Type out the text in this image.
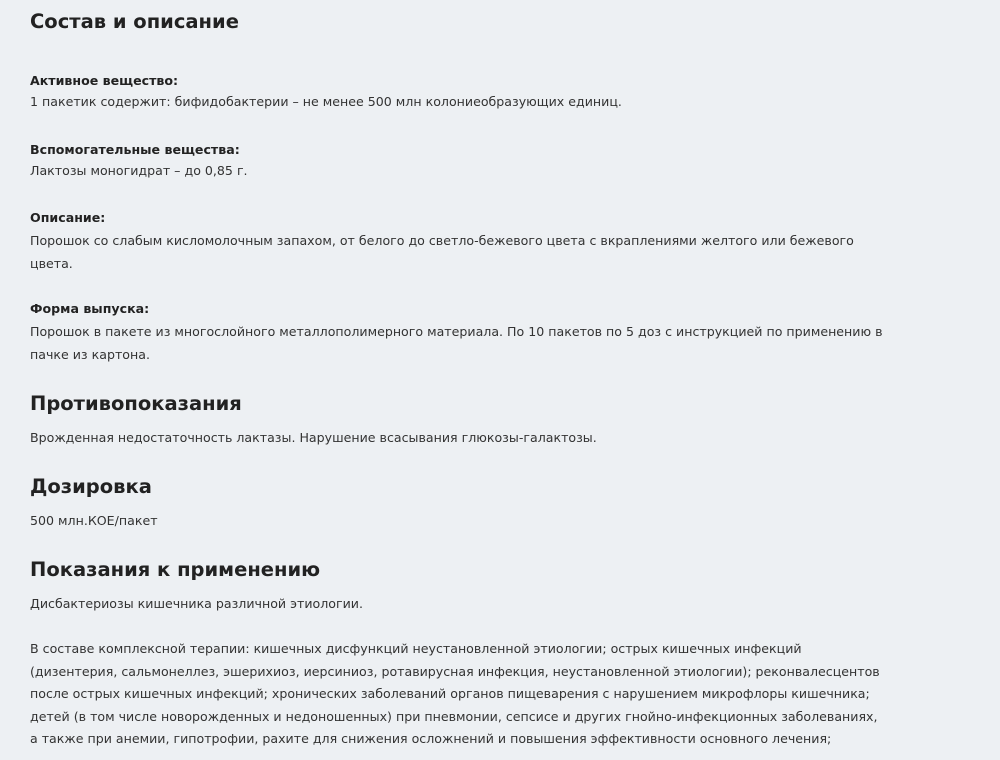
Состав и описание
Активное вещество:
1 пакетик содержит: бифидобактерии – не менее 500 млн колониеобразующих единиц.
Вспомогательные вещества:
Лактозы моногидрат – до 0,85 г.
Описание:
Порошок со слабым кисломолочным запахом, от белого до светло-бежевого цвета с вкраплениями желтого или бежевого
цвета.
Форма выпуска:
Порошок в пакете из многослойного металлополимерного материала. По 10 пакетов по 5 доз с инструкцией по применению в
пачке из картона.
Противопоказания
Врожденная недостаточность лактазы. Нарушение всасывания глюкозы-галактозы.
Дозировка
500 млн.КОЕ/пакет
Показания к применению
Дисбактериозы кишечника различной этиологии.
В составе комплексной терапии: кишечных дисфункций неустановленной этиологии; острых кишечных инфекций
(дизентерия, сальмонеллез, эшерихиоз, иерсиниоз, ротавирусная инфекция, неустановленной этиологии); реконвалесцентов
после острых кишечных инфекций; хронических заболеваний органов пищеварения с нарушением микрофлоры кишечника;
детей (в том числе новорожденных и недоношенных) при пневмонии, сепсисе и других гнойно-инфекционных заболеваниях,
а также при анемии, гипотрофии, рахите для снижения осложнений и повышения эффективности основного лечения;
